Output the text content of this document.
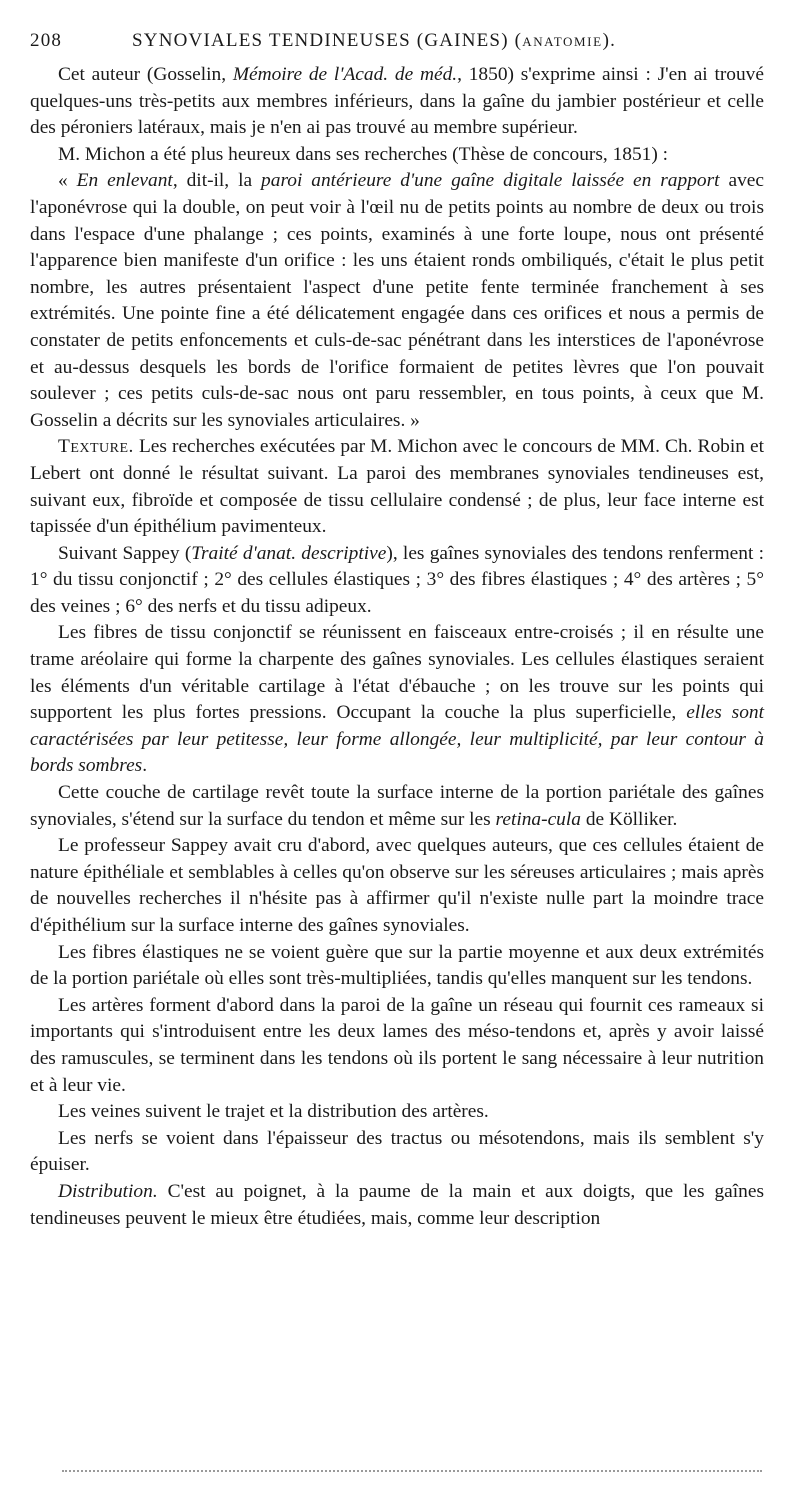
208	SYNOVIALES TENDINEUSES (GAINES) (ANATOMIE).

Cet auteur (Gosselin, Mémoire de l'Acad. de méd., 1850) s'exprime ainsi : J'en ai trouvé quelques-uns très-petits aux membres inférieurs, dans la gaîne du jambier postérieur et celle des péroniers latéraux, mais je n'en ai pas trouvé au membre supérieur.

M. Michon a été plus heureux dans ses recherches (Thèse de concours, 1851) :

« En enlevant, dit-il, la paroi antérieure d'une gaîne digitale laissée en rapport avec l'aponévrose qui la double, on peut voir à l'œil nu de petits points au nombre de deux ou trois dans l'espace d'une phalange ; ces points, examinés à une forte loupe, nous ont présenté l'apparence bien manifeste d'un orifice : les uns étaient ronds ombiliqués, c'était le plus petit nombre, les autres présentaient l'aspect d'une petite fente terminée franchement à ses extrémités. Une pointe fine a été délicatement engagée dans ces orifices et nous a permis de constater de petits enfoncements et culs-de-sac pénétrant dans les interstices de l'aponévrose et au-dessus desquels les bords de l'orifice formaient de petites lèvres que l'on pouvait soulever ; ces petits culs-de-sac nous ont paru ressembler, en tous points, à ceux que M. Gosselin a décrits sur les synoviales articulaires. »

Texture. Les recherches exécutées par M. Michon avec le concours de MM. Ch. Robin et Lebert ont donné le résultat suivant. La paroi des membranes synoviales tendineuses est, suivant eux, fibroïde et composée de tissu cellulaire condensé ; de plus, leur face interne est tapissée d'un épithélium pavimenteux.

Suivant Sappey (Traité d'anat. descriptive), les gaînes synoviales des tendons renferment : 1° du tissu conjonctif ; 2° des cellules élastiques ; 3° des fibres élastiques ; 4° des artères ; 5° des veines ; 6° des nerfs et du tissu adipeux.

Les fibres de tissu conjonctif se réunissent en faisceaux entre-croisés ; il en résulte une trame aréolaire qui forme la charpente des gaînes synoviales. Les cellules élastiques seraient les éléments d'un véritable cartilage à l'état d'ébauche ; on les trouve sur les points qui supportent les plus fortes pressions. Occupant la couche la plus superficielle, elles sont caractérisées par leur petitesse, leur forme allongée, leur multiplicité, par leur contour à bords sombres.

Cette couche de cartilage revêt toute la surface interne de la portion pariétale des gaînes synoviales, s'étend sur la surface du tendon et même sur les retina-cula de Kölliker.

Le professeur Sappey avait cru d'abord, avec quelques auteurs, que ces cellules étaient de nature épithéliale et semblables à celles qu'on observe sur les séreuses articulaires ; mais après de nouvelles recherches il n'hésite pas à affirmer qu'il n'existe nulle part la moindre trace d'épithélium sur la surface interne des gaînes synoviales.

Les fibres élastiques ne se voient guère que sur la partie moyenne et aux deux extrémités de la portion pariétale où elles sont très-multipliées, tandis qu'elles manquent sur les tendons.

Les artères forment d'abord dans la paroi de la gaîne un réseau qui fournit ces rameaux si importants qui s'introduisent entre les deux lames des méso-tendons et, après y avoir laissé des ramuscules, se terminent dans les tendons où ils portent le sang nécessaire à leur nutrition et à leur vie.

Les veines suivent le trajet et la distribution des artères.

Les nerfs se voient dans l'épaisseur des tractus ou mésotendons, mais ils semblent s'y épuiser.

Distribution. C'est au poignet, à la paume de la main et aux doigts, que les gaînes tendineuses peuvent le mieux être étudiées, mais, comme leur description
